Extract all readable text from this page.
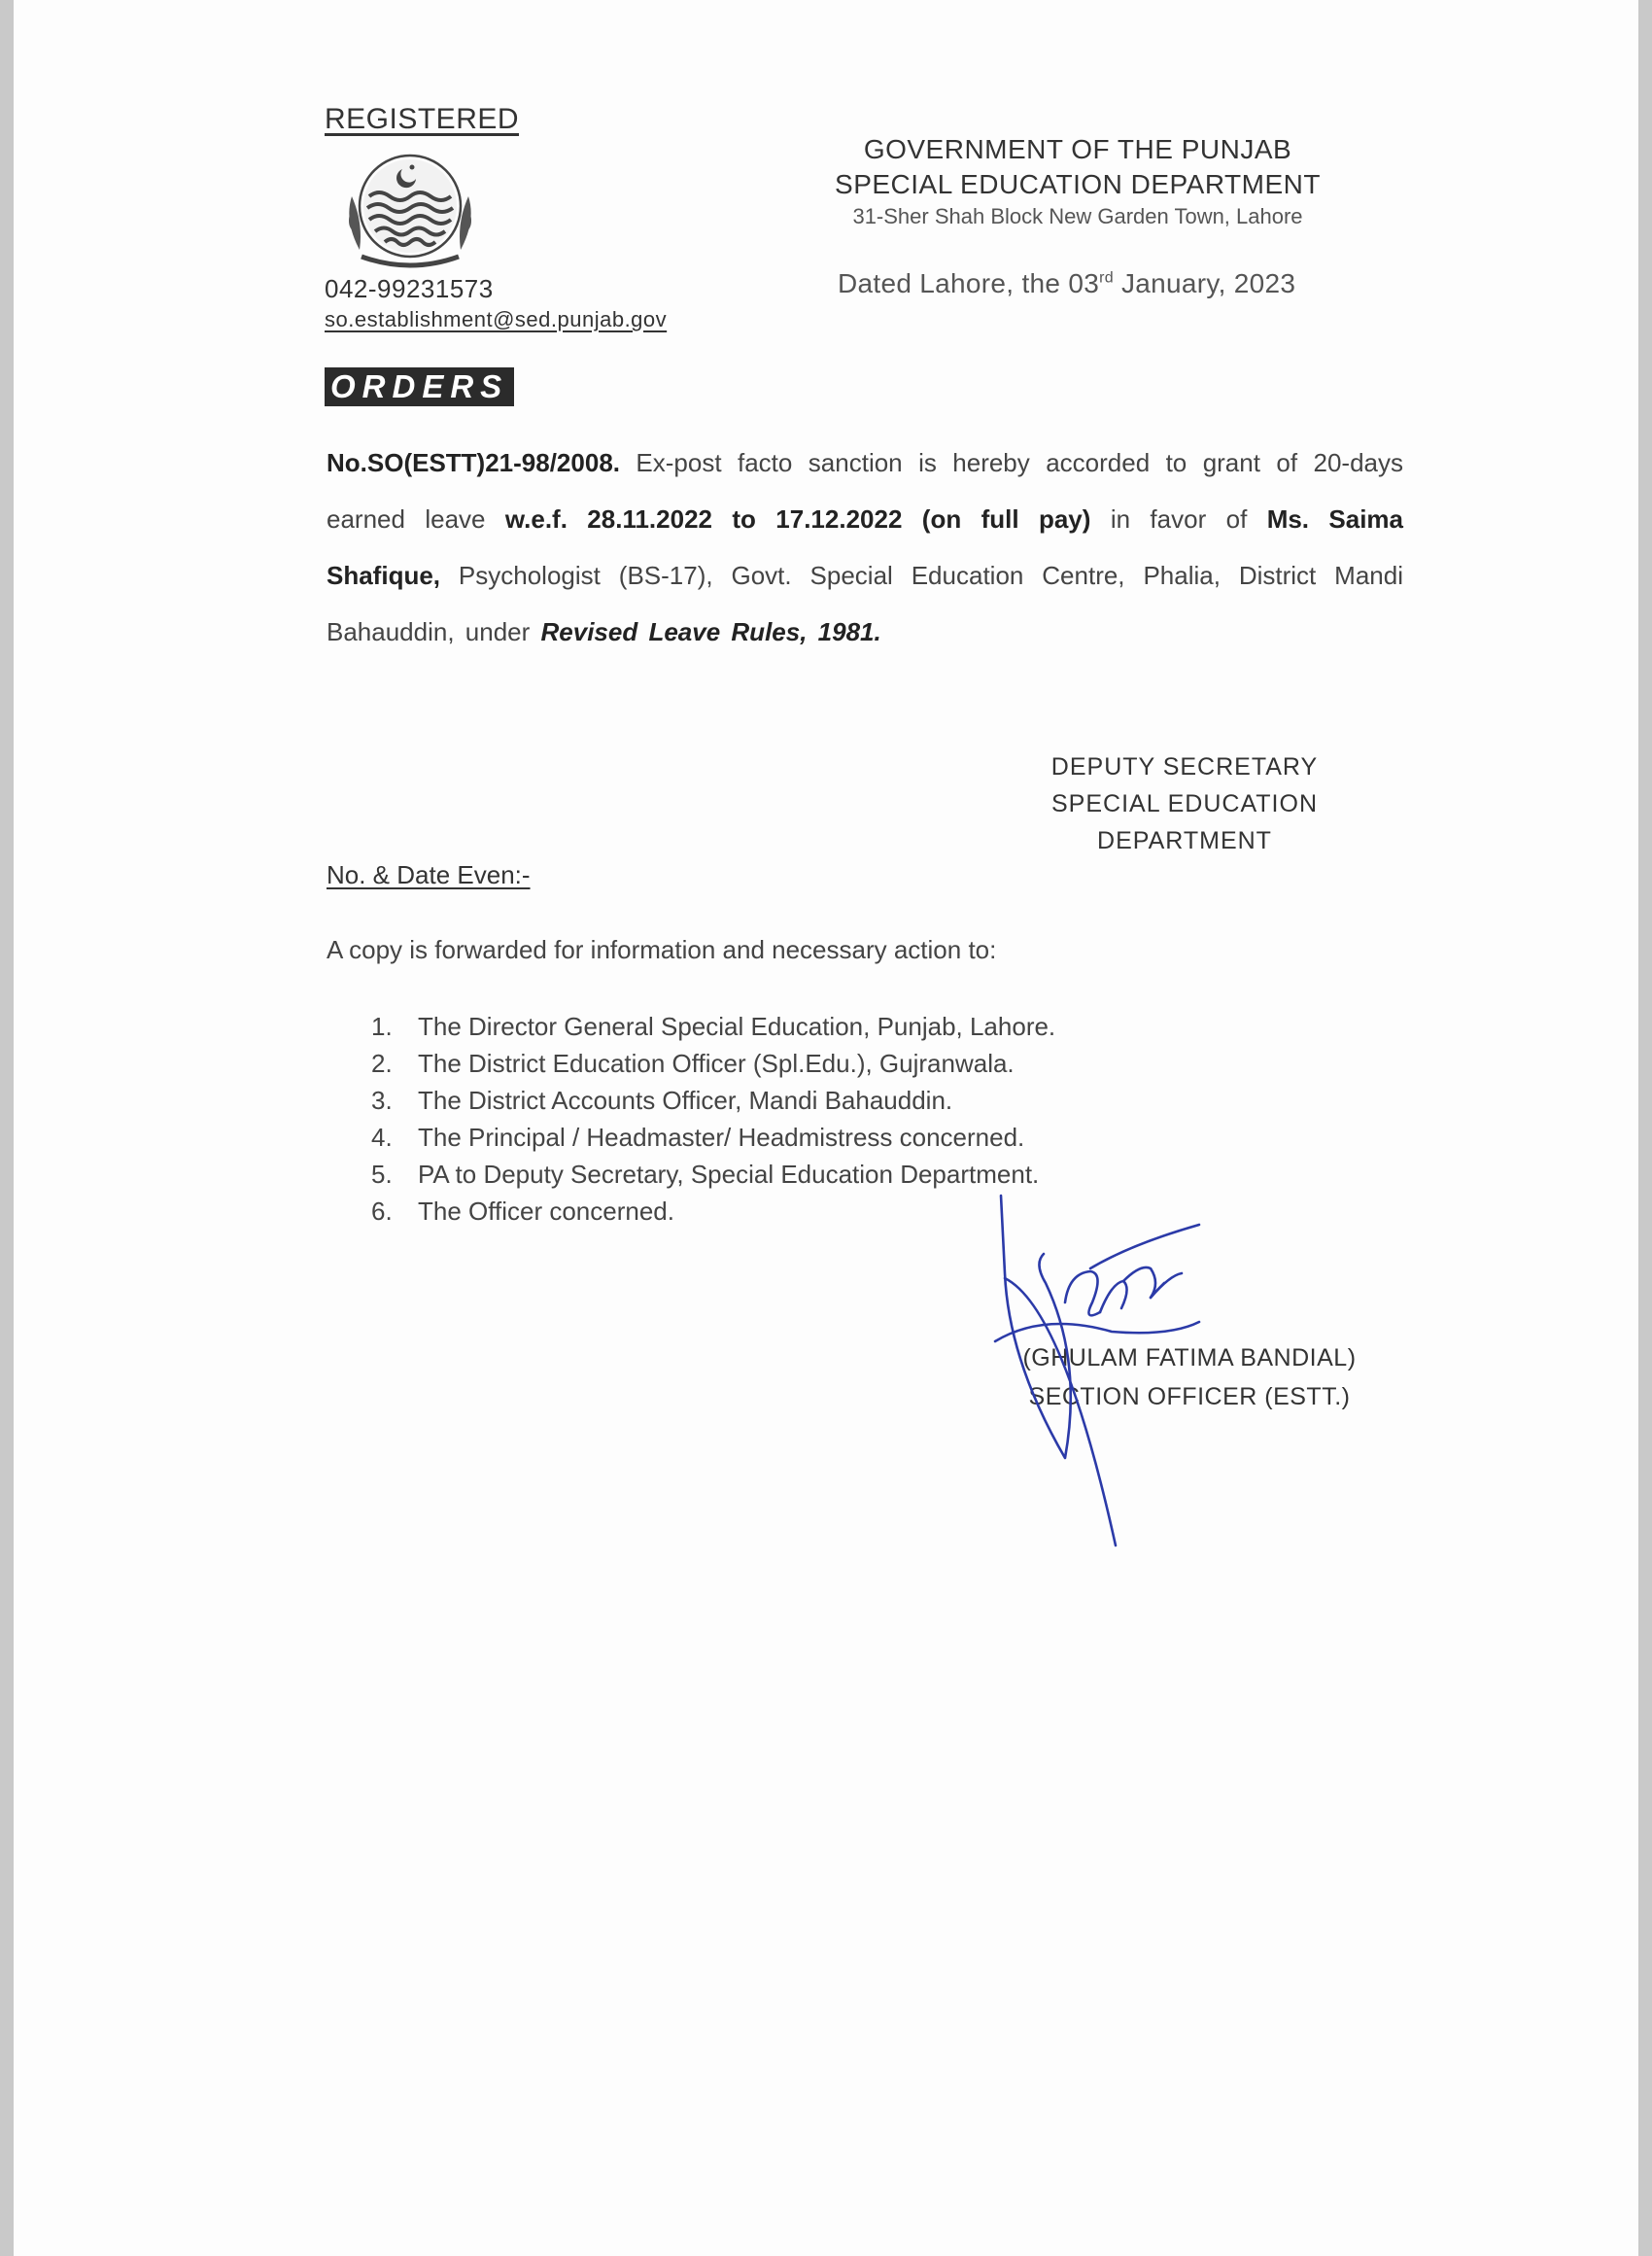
REGISTERED
042-99231573
so.establishment@sed.punjab.gov
GOVERNMENT OF THE PUNJAB
SPECIAL EDUCATION DEPARTMENT
31-Sher Shah Block New Garden Town, Lahore
Dated Lahore, the 03rd January, 2023
ORDERS
No.SO(ESTT)21-98/2008. Ex-post facto sanction is hereby accorded to grant of 20-days earned leave w.e.f. 28.11.2022 to 17.12.2022 (on full pay) in favor of Ms. Saima Shafique, Psychologist (BS-17), Govt. Special Education Centre, Phalia, District Mandi Bahauddin, under Revised Leave Rules, 1981.
DEPUTY SECRETARY
SPECIAL EDUCATION
DEPARTMENT
No. & Date Even:-
A copy is forwarded for information and necessary action to:
1.	The Director General Special Education, Punjab, Lahore.
2.	The District Education Officer (Spl.Edu.), Gujranwala.
3.	The District Accounts Officer, Mandi Bahauddin.
4.	The Principal / Headmaster/ Headmistress concerned.
5.	PA to Deputy Secretary, Special Education Department.
6.	The Officer concerned.
(GHULAM FATIMA BANDIAL)
SECTION OFFICER (ESTT.)
